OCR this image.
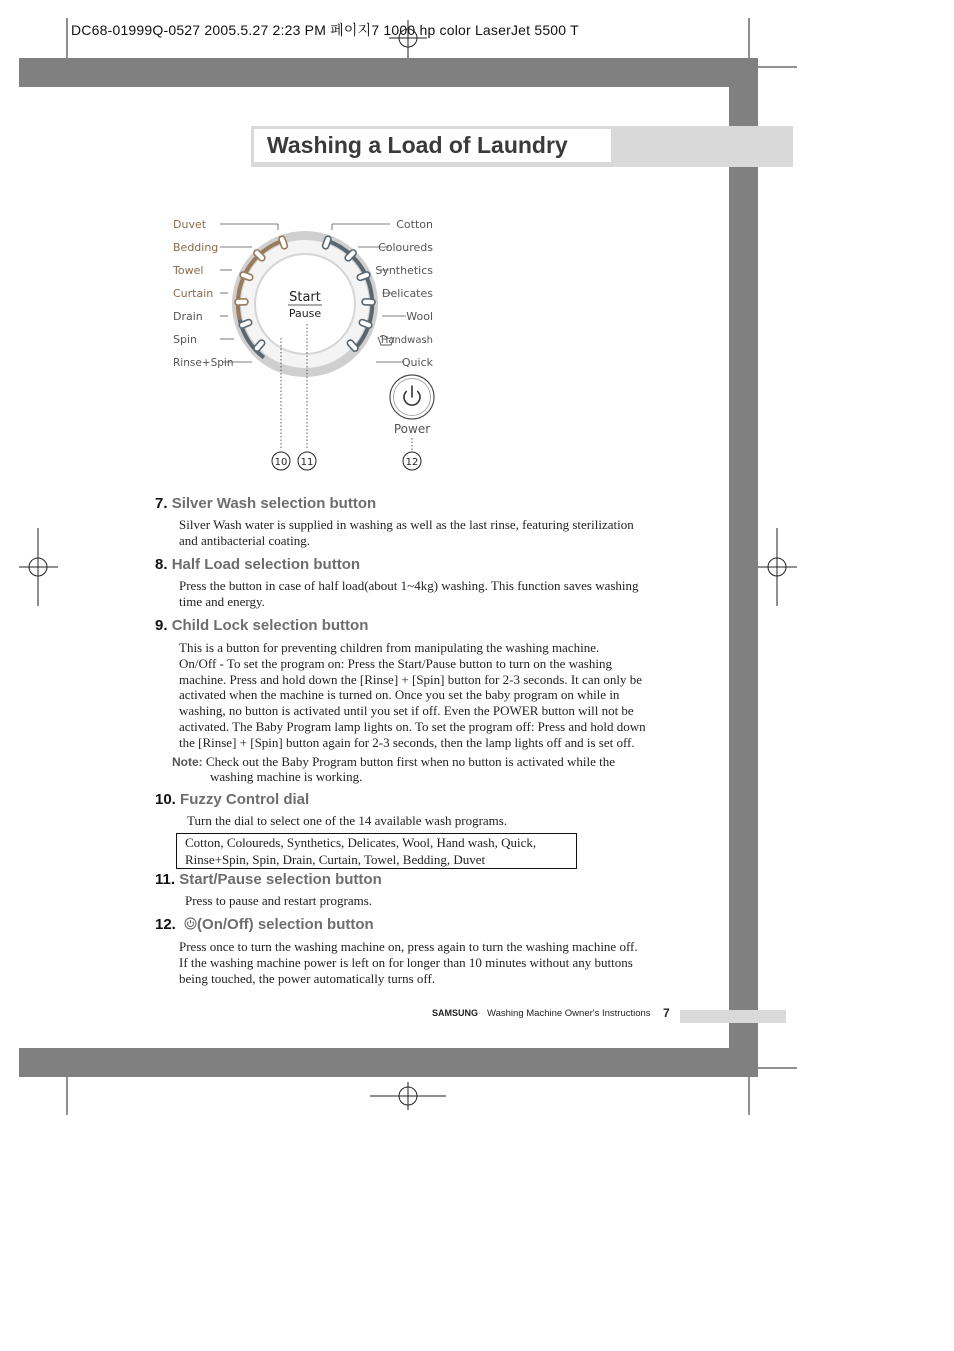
DC68-01999Q-0527 2005.5.27 2:23 PM 페이지7 1000 hp color LaserJet 5500 T
Washing a Load of Laundry
Duvet
Bedding
Towel
Curtain
Drain
Spin
Rinse+Spin
Cotton
Coloureds
Synthetics
Delicates
Wool
Handwash
Quick
Start
Pause
Power
10 11	12
7. Silver Wash selection button
Silver Wash water is supplied in washing as well as the last rinse, featuring sterilization
and antibacterial coating.
8. Half Load selection button
Press the button in case of half load(about 1~4kg) washing. This function saves washing
time and energy.
9. Child Lock selection button
This is a button for preventing children from manipulating the washing machine.
On/Off - To set the program on: Press the Start/Pause button to turn on the washing
machine. Press and hold down the [Rinse] + [Spin] button for 2-3 seconds. It can only be
activated when the machine is turned on. Once you set the baby program on while in
washing, no button is activated until you set if off. Even the POWER button will not be
activated. The Baby Program lamp lights on. To set the program off: Press and hold down
the [Rinse] + [Spin] button again for 2-3 seconds, then the lamp lights off and is set off.
Note: Check out the Baby Program button first when no button is activated while the
washing machine is working.
10. Fuzzy Control dial
Turn the dial to select one of the 14 available wash programs.
Cotton, Coloureds, Synthetics, Delicates, Wool, Hand wash, Quick,
Rinse+Spin, Spin, Drain, Curtain, Towel, Bedding, Duvet
11. Start/Pause selection button
Press to pause and restart programs.
12. (On/Off) selection button
Press once to turn the washing machine on, press again to turn the washing machine off.
If the washing machine power is left on for longer than 10 minutes without any buttons
being touched, the power automatically turns off.
SAMSUNG Washing Machine Owner's Instructions 7
